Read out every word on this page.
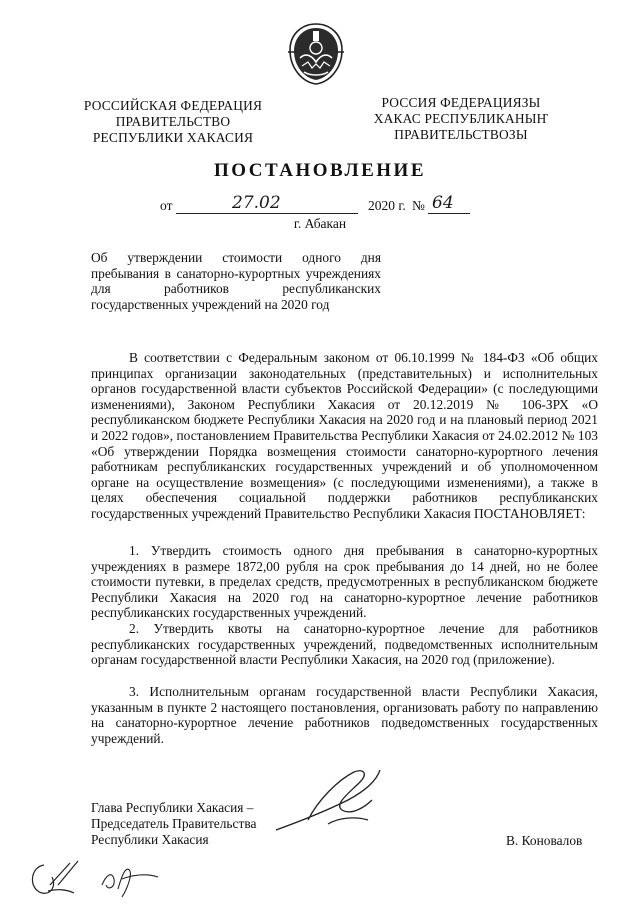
РОССИЙСКАЯ ФЕДЕРАЦИЯ
ПРАВИТЕЛЬСТВО
РЕСПУБЛИКИ ХАКАСИЯ
РОССИЯ ФЕДЕРАЦИЯЗЫ
ХАКАС РЕСПУБЛИКАНЫҤ
ПРАВИТЕЛЬСТВОЗЫ
ПОСТАНОВЛЕНИЕ
от	27.02	2020 г. № 64
г. Абакан
Об утверждении стоимости одного дня пребывания в санаторно-курортных учреждениях для работников республиканских государственных учреждений на 2020 год

В соответствии с Федеральным законом от 06.10.1999 № 184-ФЗ «Об общих принципах организации законодательных (представительных) и исполнительных органов государственной власти субъектов Российской Федерации» (с последующими изменениями), Законом Республики Хакасия от 20.12.2019 № 106-ЗРХ «О республиканском бюджете Республики Хакасия на 2020 год и на плановый период 2021 и 2022 годов», постановлением Правительства Республики Хакасия от 24.02.2012 № 103 «Об утверждении Порядка возмещения стоимости санаторно-курортного лечения работникам республиканских государственных учреждений и об уполномоченном органе на осуществление возмещения» (с последующими изменениями), а также в целях обеспечения социальной поддержки работников республиканских государственных учреждений Правительство Республики Хакасия ПОСТАНОВЛЯЕТ:

1. Утвердить стоимость одного дня пребывания в санаторно-курортных учреждениях в размере 1872,00 рубля на срок пребывания до 14 дней, но не более стоимости путевки, в пределах средств, предусмотренных в республиканском бюджете Республики Хакасия на 2020 год на санаторно-курортное лечение работников республиканских государственных учреждений.

2. Утвердить квоты на санаторно-курортное лечение для работников республиканских государственных учреждений, подведомственных исполнительным органам государственной власти Республики Хакасия, на 2020 год (приложение).

3. Исполнительным органам государственной власти Республики Хакасия, указанным в пункте 2 настоящего постановления, организовать работу по направлению на санаторно-курортное лечение работников подведомственных государственных учреждений.

Глава Республики Хакасия –
Председатель Правительства
Республики Хакасия	В. Коновалов
